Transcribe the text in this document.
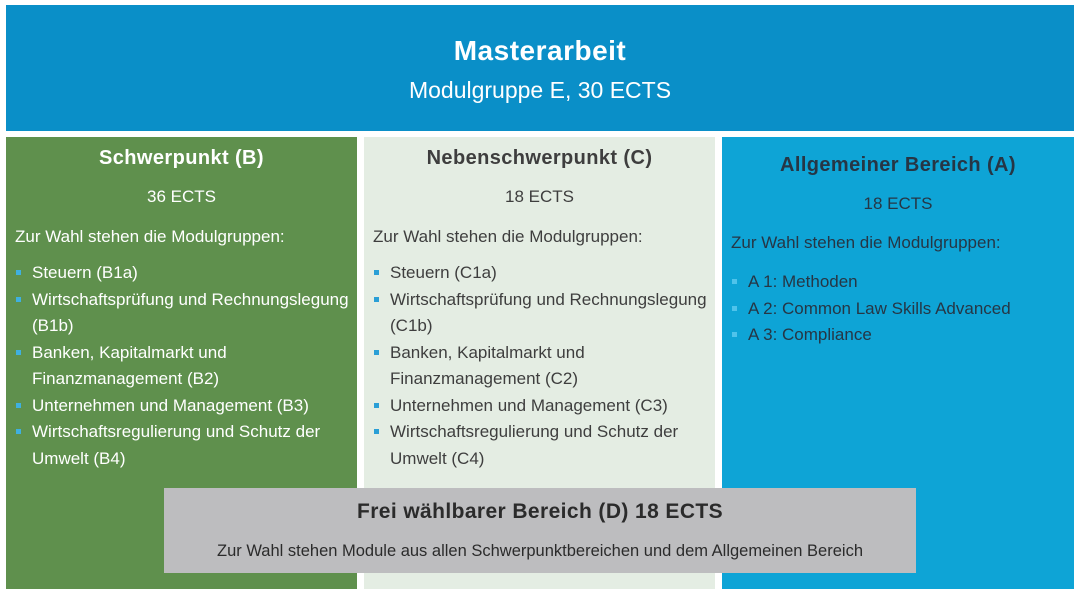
Masterarbeit
Modulgruppe E, 30 ECTS
Schwerpunkt (B)
36 ECTS
Zur Wahl stehen die Modulgruppen:
Steuern (B1a)
Wirtschaftsprüfung und Rechnungslegung (B1b)
Banken, Kapitalmarkt und Finanzmanagement (B2)
Unternehmen und Management (B3)
Wirtschaftsregulierung und Schutz der Umwelt (B4)
Nebenschwerpunkt (C)
18 ECTS
Zur Wahl stehen die Modulgruppen:
Steuern (C1a)
Wirtschaftsprüfung und Rechnungslegung (C1b)
Banken, Kapitalmarkt und Finanzmanagement (C2)
Unternehmen und Management (C3)
Wirtschaftsregulierung und Schutz der Umwelt (C4)
Allgemeiner Bereich (A)
18 ECTS
Zur Wahl stehen die Modulgruppen:
A 1: Methoden
A 2: Common Law Skills Advanced
A 3: Compliance
Frei wählbarer Bereich (D) 18 ECTS
Zur Wahl stehen Module aus allen Schwerpunktbereichen und dem Allgemeinen Bereich
